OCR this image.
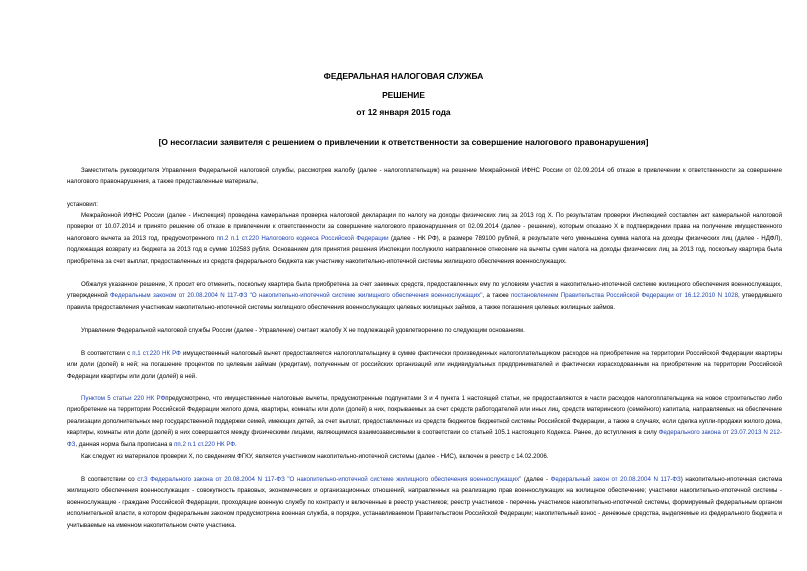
ФЕДЕРАЛЬНАЯ НАЛОГОВАЯ СЛУЖБА
РЕШЕНИЕ
от 12 января 2015 года
[О несогласии заявителя с решением о привлечении к ответственности за совершение налогового правонарушения]

Заместитель руководителя Управления Федеральной налоговой службы, рассмотрев жалобу (далее - налогоплательщик) на решение Межрайонной ИФНС России от 02.09.2014 об отказе в привлечении к ответственности за совершение налогового правонарушения, а также представленные материалы,

установил:

Межрайонной ИФНС России (далее - Инспекция) проведена камеральная проверка налоговой декларации по налогу на доходы физических лиц за 2013 год Х. По результатам проверки Инспекцией составлен акт камеральной налоговой проверки от 10.07.2014 и принято решение об отказе в привлечении к ответственности за совершение налогового правонарушения от 02.09.2014 (далее - решение), которым отказано Х в подтверждении права на получение имущественного налогового вычета за 2013 год, предусмотренного пп.2 п.1 ст.220 Налогового кодекса Российской Федерации (далее - НК РФ), в размере 789100 рублей, в результате чего уменьшена сумма налога на доходы физических лиц (далее - НДФЛ), подлежащая возврату из бюджета за 2013 год в сумме 102583 рубля. Основанием для принятия решения Инспекции послужило направленное отнесение на вычеты сумм налога на доходы физических лиц за 2013 год, поскольку квартира была приобретена за счет выплат, предоставленных из средств федерального бюджета как участнику накопительно-ипотечной системы жилищного обеспечения военнослужащих.

Обжалуя указанное решение, Х просит его отменить, поскольку квартира была приобретена за счет заемных средств, предоставленных ему по условиям участия в накопительно-ипотечной системе жилищного обеспечения военнослужащих, утвержденной Федеральным законом от 20.08.2004 N 117-ФЗ "О накопительно-ипотечной системе жилищного обеспечения военнослужащих", а также постановлением Правительства Российской Федерации от 16.12.2010 N 1028, утвердившего правила предоставления участникам накопительно-ипотечной системы жилищного обеспечения военнослужащих целевых жилищных займов, а также погашения целевых жилищных займов.

Управление Федеральной налоговой службы России (далее - Управление) считает жалобу Х не подлежащей удовлетворению по следующим основаниям.

В соответствии с п.1 ст.220 НК РФ имущественный налоговый вычет предоставляется налогоплательщику в сумме фактически произведенных налогоплательщиком расходов на приобретение на территории Российской Федерации квартиры или доли (долей) в ней; на погашение процентов по целевым займам (кредитам), полученным от российских организаций или индивидуальных предпринимателей и фактически израсходованным на приобретение на территории Российской Федерации квартиры или доли (долей) в ней.

Пунктом 5 статьи 220 НК РФпредусмотрено, что имущественные налоговые вычеты, предусмотренные подпунктами 3 и 4 пункта 1 настоящей статьи, не предоставляются в части расходов налогоплательщика на новое строительство либо приобретение на территории Российской Федерации жилого дома, квартиры, комнаты или доли (долей) в них, покрываемых за счет средств работодателей или иных лиц, средств материнского (семейного) капитала, направляемых на обеспечение реализации дополнительных мер государственной поддержки семей, имеющих детей, за счет выплат, предоставленных из средств бюджетов бюджетной системы Российской Федерации, а также в случаях, если сделка купли-продажи жилого дома, квартиры, комнаты или доли (долей) в них совершается между физическими лицами, являющимися взаимозависимыми в соответствии со статьей 105.1 настоящего Кодекса. Ранее, до вступления в силу Федерального закона от 23.07.2013 N 212-ФЗ, данная норма была прописана в пп.2 п.1 ст.220 НК РФ.

Как следует из материалов проверки Х, по сведениям ФГКУ, является участником накопительно-ипотечной системы (далее - НИС), включен в реестр с 14.02.2006.

В соответствии со ст.3 Федерального закона от 20.08.2004 N 117-ФЗ "О накопительно-ипотечной системе жилищного обеспечения военнослужащих" (далее - Федеральный закон от 20.08.2004 N 117-ФЗ) накопительно-ипотечная система жилищного обеспечения военнослужащих - совокупность правовых, экономических и организационных отношений, направленных на реализацию прав военнослужащих на жилищное обеспечение; участники накопительно-ипотечной системы - военнослужащие - граждане Российской Федерации, проходящие военную службу по контракту и включенные в реестр участников; реестр участников - перечень участников накопительно-ипотечной системы, формируемый федеральным органом исполнительной власти, в котором федеральным законом предусмотрена военная служба, в порядке, устанавливаемом Правительством Российской Федерации; накопительный взнос - денежные средства, выделяемые из федерального бюджета и учитываемые на именном накопительном счете участника.
